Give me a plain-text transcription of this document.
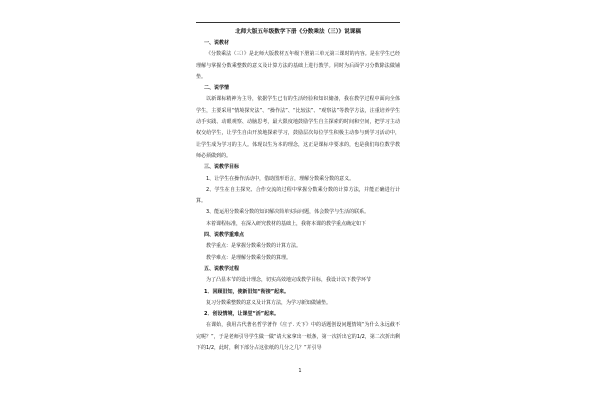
北师大版五年级数学下册《分数乘法（三）》说课稿
一、说教材
《分数乘法（三）》是北师大版教材五年级下册第三单元第三课时的内容。是在学生已经理解与掌握分数乘整数的意义及计算方法的基础上进行教学。同时为后面学习分数除法做铺垫。
二、说学情
以新课标精神为主导，依据学生已有的生活经验和知识储备，我在教学过程中面向全体学生，主要采用“情境探究法”、“操作法”、“比较法”、“观察法”等教学方法，注重培养学生动手实践、动眼观察、动脑思考，最大限度地鼓励学生自主探索的时间和空间，把学习主动权交给学生，让学生自由开放地探索学习，鼓励层次每位学生积极主动参与到学习活动中，让学生成为学习的主人。体现以生为本的理念，这正是课标中要求的，也是我们每位数学教师必须做到的。
三、说教学目标
1、让学生在操作活动中，借助图形语言，理解分数乘分数的意义。
2、学生在自主探究、合作交流的过程中掌握分数乘分数的计算方法，并能正确进行计算。
3、能运用分数乘分数的知识解决简单实际问题，体会数学与生活的联系。
本着课程标准，在深入研究教材的基础上，我将本课的教学重点确定如下
四、说教学重难点
教学重点：是掌握分数乘分数的计算方法。
教学难点：是理解分数乘分数的算理。
五、说教学过程
为了凸显本节的设计理念，切实高效地完成教学目标，我设计以下教学环节
1．回顾旧知，使新旧知“衔接”起来。
复习分数乘整数的意义及计算方法，为学习新知做铺垫。
2．创设情境，让课堂“活”起来。
在课始，我用古代著名哲学著作《庄子. 天下》中的话题创设问题情境“为什么永远截不完呢？”，于是老师引导学生做一做“请大家拿出一纸条，第一次折出它的1/2，第二次折出剩下的1/2，此时，剩下部分占这张纸的几分之几？”并引导
1
